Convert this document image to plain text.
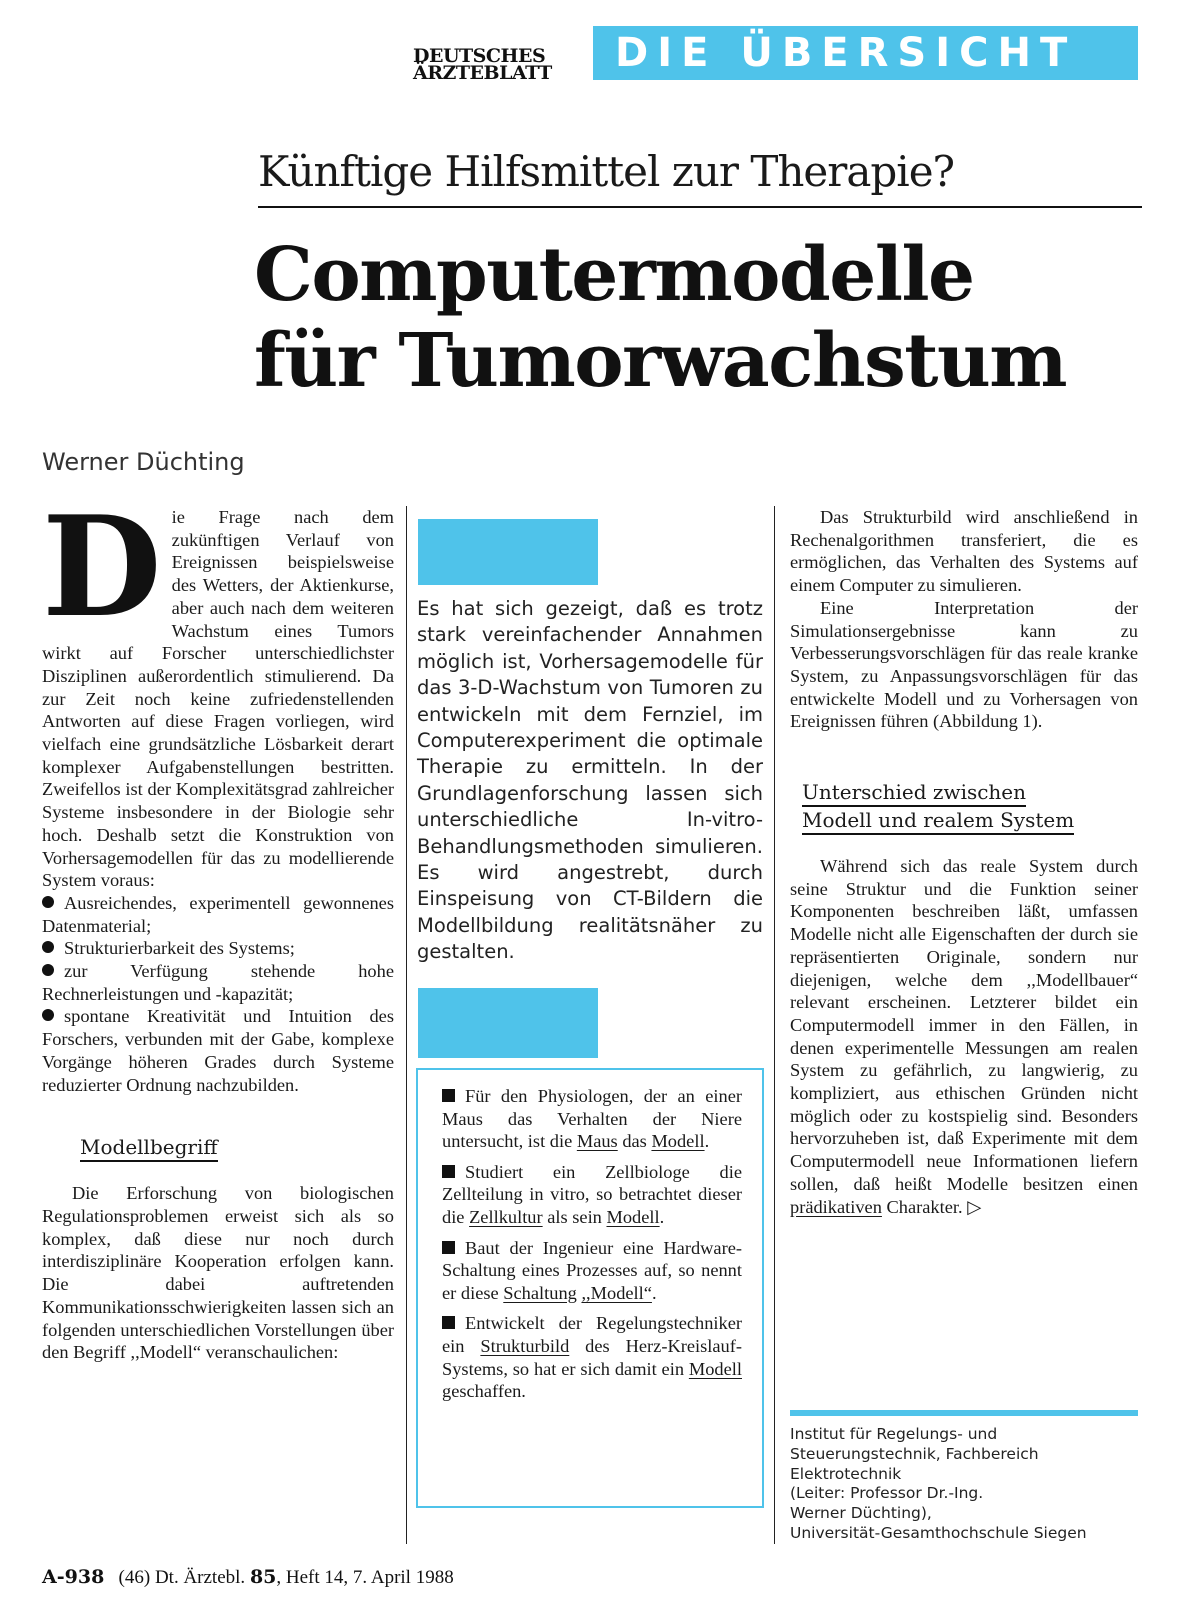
DEUTSCHES
ÄRZTEBLATT	DIE ÜBERSICHT
Künftige Hilfsmittel zur Therapie?
Computermodelle
für Tumorwachstum
Werner Düchting

Die Frage nach dem zukünftigen Verlauf von Ereignissen beispielsweise des Wetters, der Aktienkurse, aber auch nach dem weiteren Wachstum eines Tumors wirkt auf Forscher unterschiedlichster Disziplinen außerordentlich stimulierend. Da zur Zeit noch keine zufriedenstellenden Antworten auf diese Fragen vorliegen, wird vielfach eine grundsätzliche Lösbarkeit derart komplexer Aufgabenstellungen bestritten. Zweifellos ist der Komplexitätsgrad zahlreicher Systeme insbesondere in der Biologie sehr hoch. Deshalb setzt die Konstruktion von Vorhersagemodellen für das zu modellierende System voraus:

Ausreichendes, experimentell gewonnenes Datenmaterial;

Strukturierbarkeit des Systems;

zur Verfügung stehende hohe Rechnerleistungen und -kapazität;

spontane Kreativität und Intuition des Forschers, verbunden mit der Gabe, komplexe Vorgänge höheren Grades durch Systeme reduzierter Ordnung nachzubilden.

Modellbegriff

Die Erforschung von biologischen Regulationsproblemen erweist sich als so komplex, daß diese nur noch durch interdisziplinäre Kooperation erfolgen kann. Die dabei auftretenden Kommunikationsschwierigkeiten lassen sich an folgenden unterschiedlichen Vorstellungen über den Begriff ,,Modell“ veranschaulichen:

Es hat sich gezeigt, daß es trotz stark vereinfachender Annahmen möglich ist, Vorhersagemodelle für das 3-D-Wachstum von Tumoren zu entwickeln mit dem Fernziel, im Computerexperiment die optimale Therapie zu ermitteln. In der Grundlagenforschung lassen sich unterschiedliche In-vitro-Behandlungsmethoden simulieren. Es wird angestrebt, durch Einspeisung von CT-Bildern die Modellbildung realitätsnäher zu gestalten.

Für den Physiologen, der an einer Maus das Verhalten der Niere untersucht, ist die Maus das Modell.

Studiert ein Zellbiologe die Zellteilung in vitro, so betrachtet dieser die Zellkultur als sein Modell.

Baut der Ingenieur eine Hardware-Schaltung eines Prozesses auf, so nennt er diese Schaltung ,,Modell“.

Entwickelt der Regelungstechniker ein Strukturbild des Herz-Kreislauf-Systems, so hat er sich damit ein Modell geschaffen.

Das Strukturbild wird anschließend in Rechenalgorithmen transferiert, die es ermöglichen, das Verhalten des Systems auf einem Computer zu simulieren.

Eine Interpretation der Simulationsergebnisse kann zu Verbesserungsvorschlägen für das reale kranke System, zu Anpassungsvorschlägen für das entwickelte Modell und zu Vorhersagen von Ereignissen führen (Abbildung 1).

Unterschied zwischen
Modell und realem System

Während sich das reale System durch seine Struktur und die Funktion seiner Komponenten beschreiben läßt, umfassen Modelle nicht alle Eigenschaften der durch sie repräsentierten Originale, sondern nur diejenigen, welche dem ,,Modellbauer“ relevant erscheinen. Letzterer bildet ein Computermodell immer in den Fällen, in denen experimentelle Messungen am realen System zu gefährlich, zu langwierig, zu kompliziert, aus ethischen Gründen nicht möglich oder zu kostspielig sind. Besonders hervorzuheben ist, daß Experimente mit dem Computermodell neue Informationen liefern sollen, daß heißt Modelle besitzen einen prädikativen Charakter. ▷

Institut für Regelungs- und Steuerungstechnik, Fachbereich Elektrotechnik
(Leiter: Professor Dr.-Ing.
Werner Düchting),
Universität-Gesamthochschule Siegen
A-938 (46) Dt. Ärztebl. 85, Heft 14, 7. April 1988
